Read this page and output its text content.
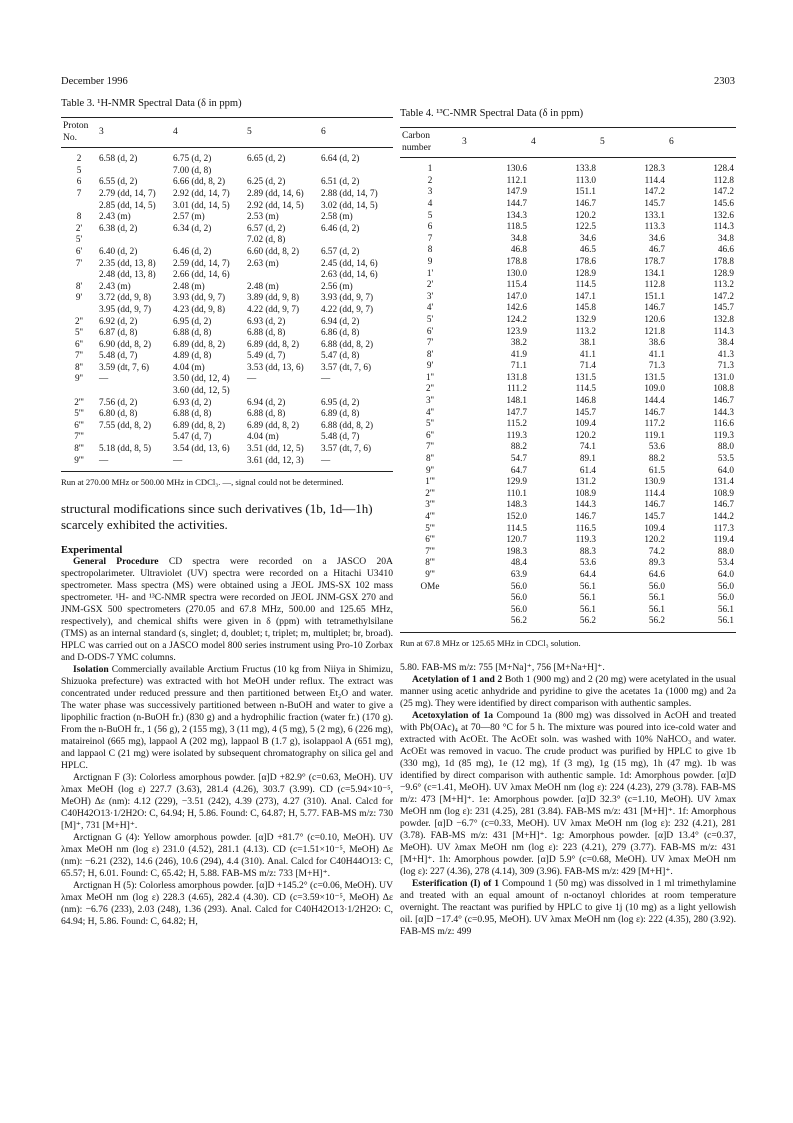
December 1996	2303
Table 3. ¹H-NMR Spectral Data (δ in ppm)
Proton No.	3	4	5	6
2	6.58 (d, 2)	6.75 (d, 2)	6.65 (d, 2)	6.64 (d, 2)
5		7.00 (d, 8)		
6	6.55 (d, 2)	6.66 (dd, 8, 2)	6.25 (d, 2)	6.51 (d, 2)
7	2.79 (dd, 14, 7)	2.92 (dd, 14, 7)	2.89 (dd, 14, 6)	2.88 (dd, 14, 7)
	2.85 (dd, 14, 5)	3.01 (dd, 14, 5)	2.92 (dd, 14, 5)	3.02 (dd, 14, 5)
8	2.43 (m)	2.57 (m)	2.53 (m)	2.58 (m)
2'	6.38 (d, 2)	6.34 (d, 2)	6.57 (d, 2)	6.46 (d, 2)
5'			7.02 (d, 8)	
6'	6.40 (d, 2)	6.46 (d, 2)	6.60 (dd, 8, 2)	6.57 (d, 2)
7'	2.35 (dd, 13, 8)	2.59 (dd, 14, 7)	2.63 (m)	2.45 (dd, 14, 6)
	2.48 (dd, 13, 8)	2.66 (dd, 14, 6)		2.63 (dd, 14, 6)
8'	2.43 (m)	2.48 (m)	2.48 (m)	2.56 (m)
9'	3.72 (dd, 9, 8)	3.93 (dd, 9, 7)	3.89 (dd, 9, 8)	3.93 (dd, 9, 7)
	3.95 (dd, 9, 7)	4.23 (dd, 9, 8)	4.22 (dd, 9, 7)	4.22 (dd, 9, 7)
2''	6.92 (d, 2)	6.95 (d, 2)	6.93 (d, 2)	6.94 (d, 2)
5''	6.87 (d, 8)	6.88 (d, 8)	6.88 (d, 8)	6.86 (d, 8)
6''	6.90 (dd, 8, 2)	6.89 (dd, 8, 2)	6.89 (dd, 8, 2)	6.88 (dd, 8, 2)
7''	5.48 (d, 7)	4.89 (d, 8)	5.49 (d, 7)	5.47 (d, 8)
8''	3.59 (dt, 7, 6)	4.04 (m)	3.53 (dd, 13, 6)	3.57 (dt, 7, 6)
9''	—	3.50 (dd, 12, 4)	—	—
		3.60 (dd, 12, 5)		
2'''	7.56 (d, 2)	6.93 (d, 2)	6.94 (d, 2)	6.95 (d, 2)
5'''	6.80 (d, 8)	6.88 (d, 8)	6.88 (d, 8)	6.89 (d, 8)
6'''	7.55 (dd, 8, 2)	6.89 (dd, 8, 2)	6.89 (dd, 8, 2)	6.88 (dd, 8, 2)
7'''		5.47 (d, 7)	4.04 (m)	5.48 (d, 7)
8'''	5.18 (dd, 8, 5)	3.54 (dd, 13, 6)	3.51 (dd, 12, 5)	3.57 (dt, 7, 6)
9'''	—	—	3.61 (dd, 12, 3)	—
Run at 270.00 MHz or 500.00 MHz in CDCl₃. —, signal could not be determined.
structural modifications since such derivatives (1b, 1d—1h) scarcely exhibited the activities.
Experimental

General Procedure CD spectra were recorded on a JASCO 20A spectropolarimeter. Ultraviolet (UV) spectra were recorded on a Hitachi U3410 spectrometer. Mass spectra (MS) were obtained using a JEOL JMS-SX 102 mass spectrometer. ¹H- and ¹³C-NMR spectra were recorded on JEOL JNM-GSX 270 and JNM-GSX 500 spectrometers (270.05 and 67.8 MHz, 500.00 and 125.65 MHz, respectively), and chemical shifts were given in δ (ppm) with tetramethylsilane (TMS) as an internal standard (s, singlet; d, doublet; t, triplet; m, multiplet; br, broad). HPLC was carried out on a JASCO model 800 series instrument using Pro-10 Zorbax and D-ODS-7 YMC columns.

Isolation Commercially available Arctium Fructus (10 kg from Niiya in Shimizu, Shizuoka prefecture) was extracted with hot MeOH under reflux. The extract was concentrated under reduced pressure and then partitioned between Et₂O and water. The water phase was successively partitioned between n-BuOH and water to give a lipophilic fraction (n-BuOH fr.) (830 g) and a hydrophilic fraction (water fr.) (170 g). From the n-BuOH fr., 1 (56 g), 2 (155 mg), 3 (11 mg), 4 (5 mg), 5 (2 mg), 6 (226 mg), mataireinol (665 mg), lappaol A (202 mg), lappaol B (1.7 g), isolappaol A (651 mg), and lappaol C (21 mg) were isolated by subsequent chromatography on silica gel and HPLC.

Arctignan F (3): Colorless amorphous powder. [α]D +82.9° (c=0.63, MeOH). UV λmax MeOH (log ε) 227.7 (3.63), 281.4 (4.26), 303.7 (3.99). CD (c=5.94×10⁻⁵, MeOH) Δε (nm): 4.12 (229), −3.51 (242), 4.39 (273), 4.27 (310). Anal. Calcd for C40H42O13·1/2H2O: C, 64.94; H, 5.86. Found: C, 64.87; H, 5.77. FAB-MS m/z: 730 [M]⁺, 731 [M+H]⁺.

Arctignan G (4): Yellow amorphous powder. [α]D +81.7° (c=0.10, MeOH). UV λmax MeOH nm (log ε) 231.0 (4.52), 281.1 (4.13). CD (c=1.51×10⁻⁵, MeOH) Δε (nm): −6.21 (232), 14.6 (246), 10.6 (294), 4.4 (310). Anal. Calcd for C40H44O13: C, 65.57; H, 6.01. Found: C, 65.42; H, 5.88. FAB-MS m/z: 733 [M+H]⁺.

Arctignan H (5): Colorless amorphous powder. [α]D +145.2° (c=0.06, MeOH). UV λmax MeOH nm (log ε) 228.3 (4.65), 282.4 (4.30). CD (c=3.59×10⁻⁵, MeOH) Δε (nm): −6.76 (233), 2.03 (248), 1.36 (293). Anal. Calcd for C40H42O13·1/2H2O: C, 64.94; H, 5.86. Found: C, 64.82; H,

Table 4. ¹³C-NMR Spectral Data (δ in ppm)
Carbon number	3	4	5	6
1	130.6	133.8	128.3	128.4
2	112.1	113.0	114.4	112.8
3	147.9	151.1	147.2	147.2
4	144.7	146.7	145.7	145.6
5	134.3	120.2	133.1	132.6
6	118.5	122.5	113.3	114.3
7	34.8	34.6	34.6	34.8
8	46.8	46.5	46.7	46.6
9	178.8	178.6	178.7	178.8
1'	130.0	128.9	134.1	128.9
2'	115.4	114.5	112.8	113.2
3'	147.0	147.1	151.1	147.2
4'	142.6	145.8	146.7	145.7
5'	124.2	132.9	120.6	132.8
6'	123.9	113.2	121.8	114.3
7'	38.2	38.1	38.6	38.4
8'	41.9	41.1	41.1	41.3
9'	71.1	71.4	71.3	71.3
1''	131.8	131.5	131.5	131.0
2''	111.2	114.5	109.0	108.8
3''	148.1	146.8	144.4	146.7
4''	147.7	145.7	146.7	144.3
5''	115.2	109.4	117.2	116.6
6''	119.3	120.2	119.1	119.3
7''	88.2	74.1	53.6	88.0
8''	54.7	89.1	88.2	53.5
9''	64.7	61.4	61.5	64.0
1'''	129.9	131.2	130.9	131.4
2'''	110.1	108.9	114.4	108.9
3'''	148.3	144.3	146.7	146.7
4'''	152.0	146.7	145.7	144.2
5'''	114.5	116.5	109.4	117.3
6'''	120.7	119.3	120.2	119.4
7'''	198.3	88.3	74.2	88.0
8'''	48.4	53.6	89.3	53.4
9'''	63.9	64.4	64.6	64.0
OMe	56.0	56.1	56.0	56.0
	56.0	56.1	56.1	56.0
	56.0	56.1	56.1	56.1
	56.2	56.2	56.2	56.1
Run at 67.8 MHz or 125.65 MHz in CDCl₃ solution.

5.80. FAB-MS m/z: 755 [M+Na]⁺, 756 [M+Na+H]⁺.

Acetylation of 1 and 2 Both 1 (900 mg) and 2 (20 mg) were acetylated in the usual manner using acetic anhydride and pyridine to give the acetates 1a (1000 mg) and 2a (25 mg). They were identified by direct comparison with authentic samples.

Acetoxylation of 1a Compound 1a (800 mg) was dissolved in AcOH and treated with Pb(OAc)₄ at 70—80 °C for 5 h. The mixture was poured into ice-cold water and extracted with AcOEt. The AcOEt soln. was washed with 10% NaHCO₃ and water. AcOEt was removed in vacuo. The crude product was purified by HPLC to give 1b (330 mg), 1d (85 mg), 1e (12 mg), 1f (3 mg), 1g (15 mg), 1h (47 mg). 1b was identified by direct comparison with authentic sample. 1d: Amorphous powder. [α]D −9.6° (c=1.41, MeOH). UV λmax MeOH nm (log ε): 224 (4.23), 279 (3.78). FAB-MS m/z: 473 [M+H]⁺. 1e: Amorphous powder. [α]D 32.3° (c=1.10, MeOH). UV λmax MeOH nm (log ε): 231 (4.25), 281 (3.84). FAB-MS m/z: 431 [M+H]⁺. 1f: Amorphous powder. [α]D −6.7° (c=0.33, MeOH). UV λmax MeOH nm (log ε): 232 (4.21), 281 (3.78). FAB-MS m/z: 431 [M+H]⁺. 1g: Amorphous powder. [α]D 13.4° (c=0.37, MeOH). UV λmax MeOH nm (log ε): 223 (4.21), 279 (3.77). FAB-MS m/z: 431 [M+H]⁺. 1h: Amorphous powder. [α]D 5.9° (c=0.68, MeOH). UV λmax MeOH nm (log ε): 227 (4.36), 278 (4.14), 309 (3.96). FAB-MS m/z: 429 [M+H]⁺.

Esterification (I) of 1 Compound 1 (50 mg) was dissolved in 1 ml trimethylamine and treated with an equal amount of n-octanoyl chlorides at room temperature overnight. The reactant was purified by HPLC to give 1j (10 mg) as a light yellowish oil. [α]D −17.4° (c=0.95, MeOH). UV λmax MeOH nm (log ε): 222 (4.35), 280 (3.92). FAB-MS m/z: 499
